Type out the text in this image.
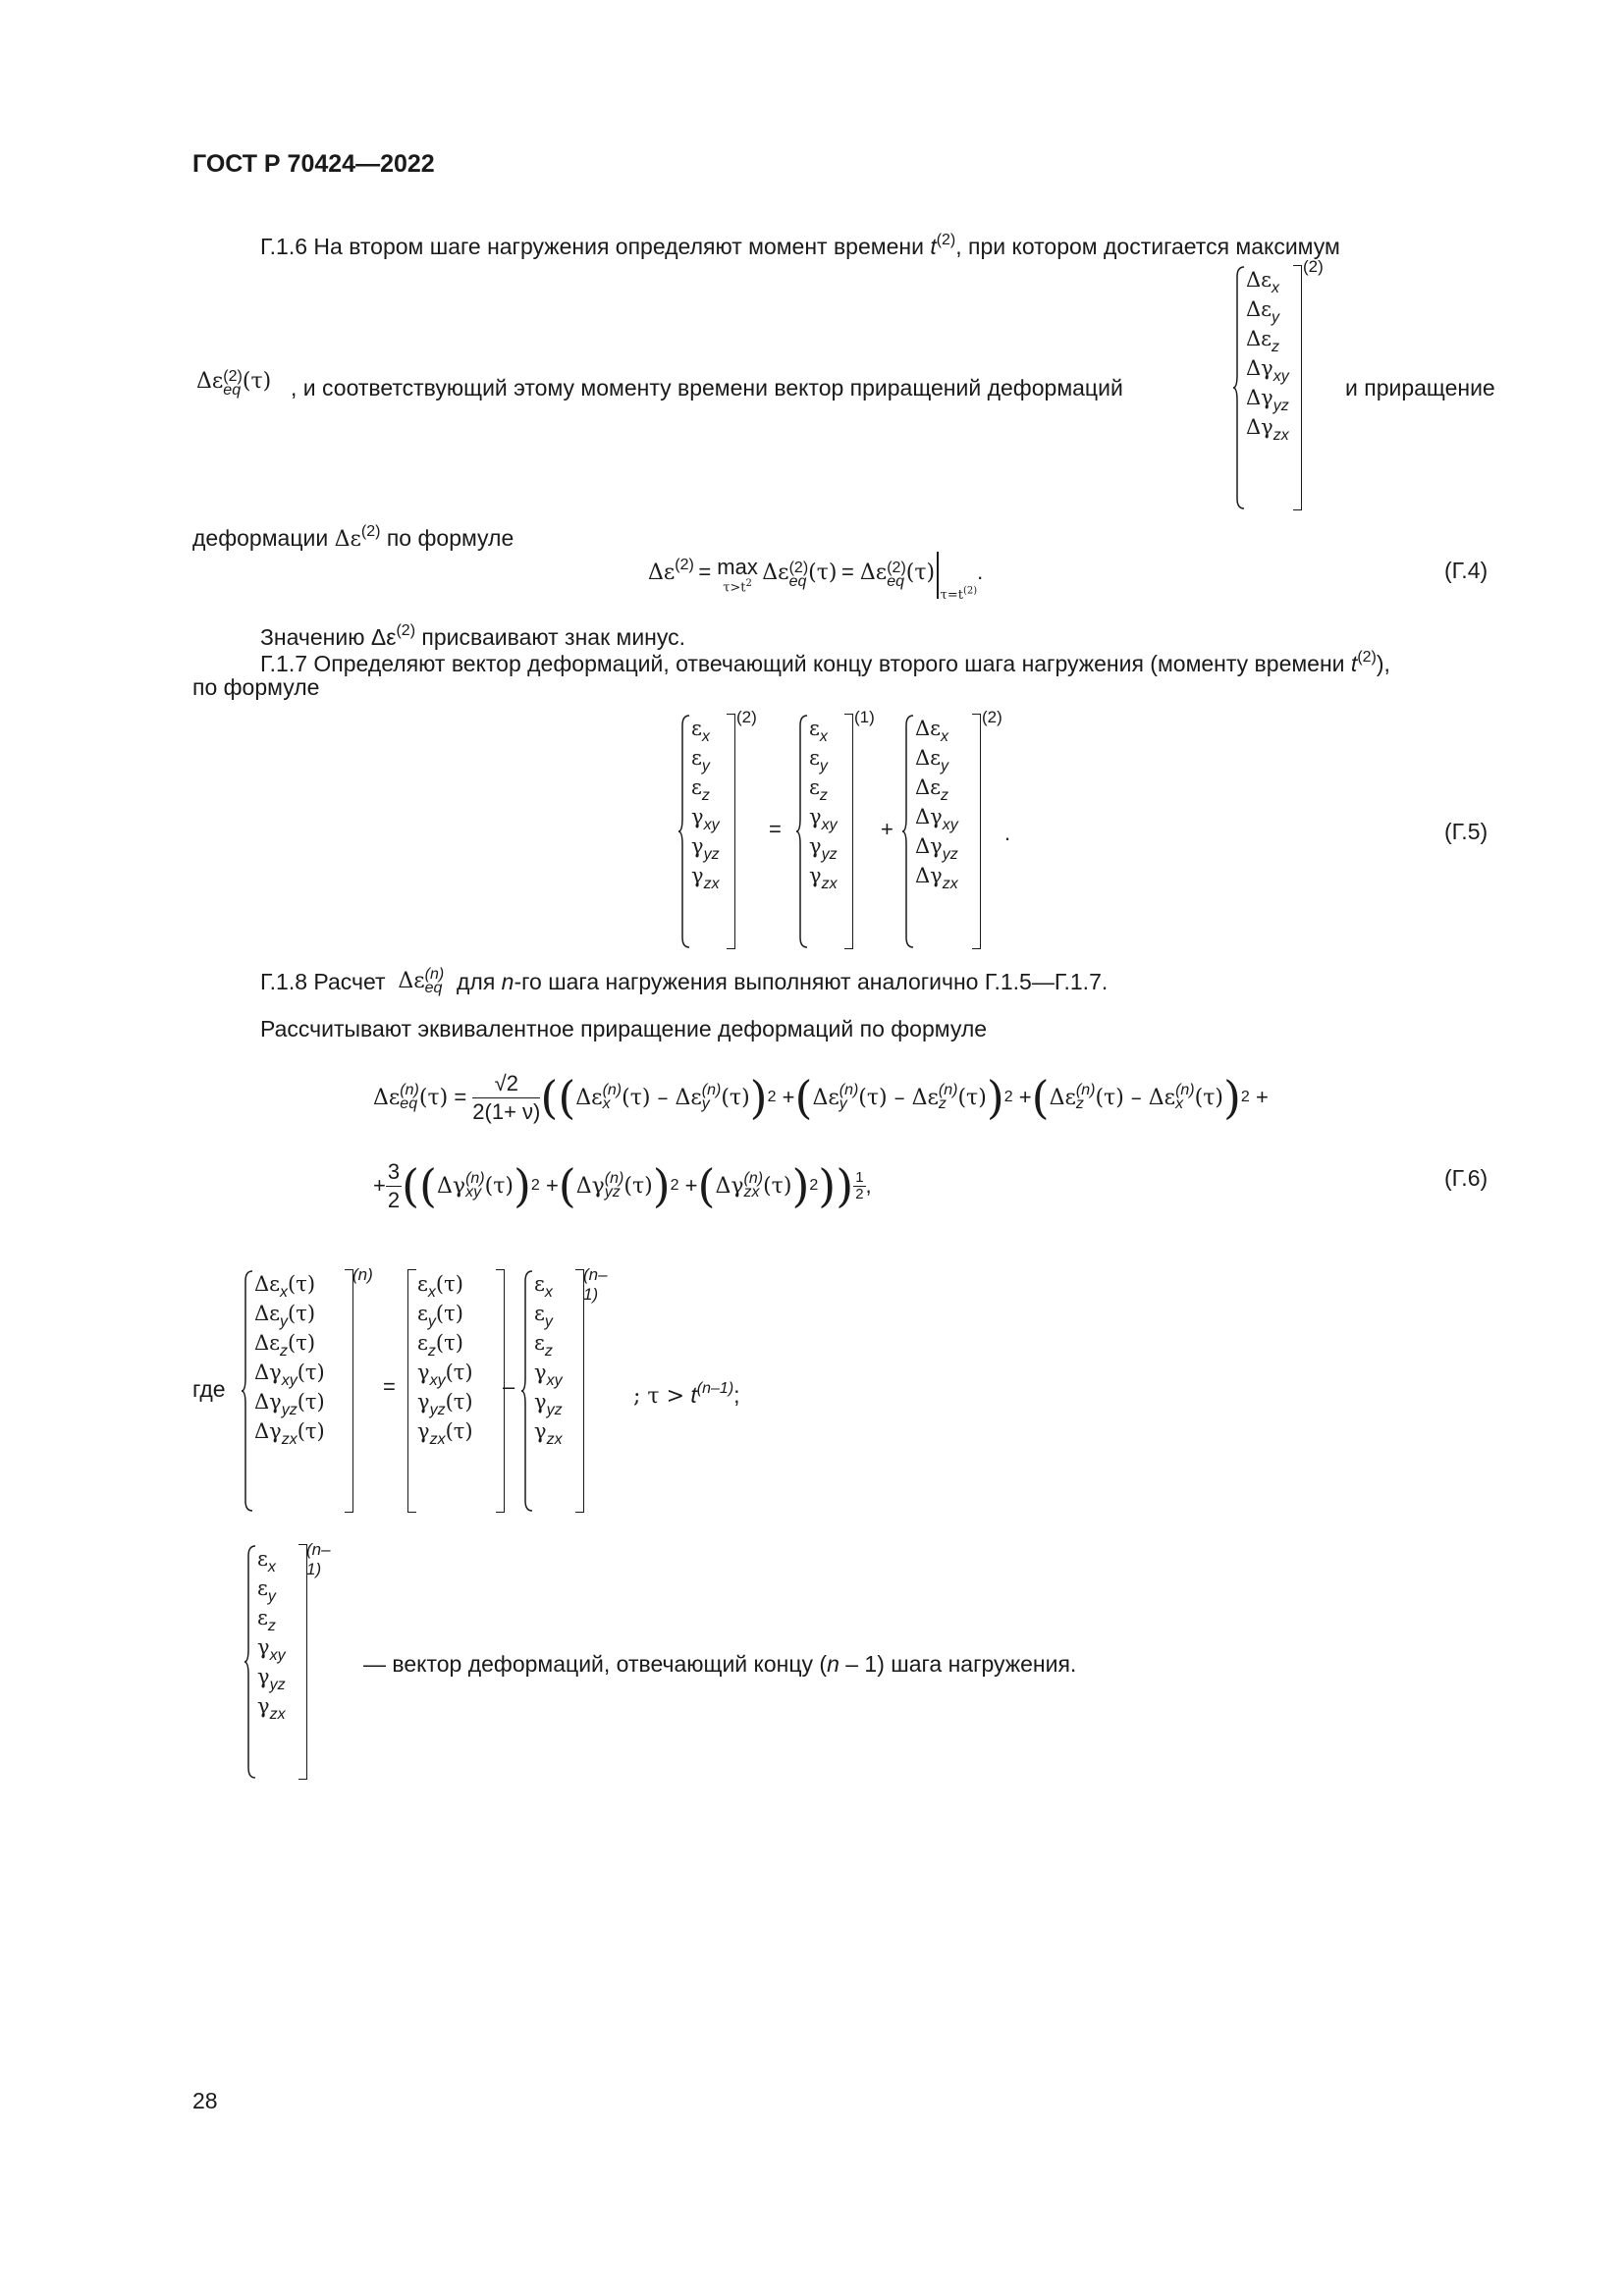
ГОСТ Р 70424—2022
Г.1.6 На втором шаге нагружения определяют момент времени $t^{(2)}$, при котором достигается максимум
Δε (2)
eq (τ) , и соответствующий этому моменту времени вектор приращений деформаций	и приращение
$\Delta\varepsilon_x$
$\Delta\varepsilon_y$
$\Delta\varepsilon_z$
$\Delta\gamma_{xy}$
$\Delta\gamma_{yz}$
$\Delta\gamma_{zx}$
(2)
деформации $\Delta\varepsilon^{(2)}$ по формуле
Δε(2) = max
$\tau>t^2$ Δε (2)
eq (τ) = Δε (2)
eq $(\tau)_{\tau=t^{(2)}}$.	(Г.4)
Значению $\Delta\varepsilon^{(2)}$ присваивают знак минус.
Г.1.7 Определяют вектор деформаций, отвечающий концу второго шага нагружения (моменту времени $t^{(2)}$),
по формуле
$\varepsilon_x$
$\varepsilon_y$
$\varepsilon_z$
$\gamma_{xy}$
$\gamma_{yz}$
$\gamma_{zx}$
(2)
=
$\varepsilon_x$
$\varepsilon_y$
$\varepsilon_z$
$\gamma_{xy}$
$\gamma_{yz}$
$\gamma_{zx}$
(1)
+
$\Delta\varepsilon_x$
$\Delta\varepsilon_y$
$\Delta\varepsilon_z$
$\Delta\gamma_{xy}$
$\Delta\gamma_{yz}$
$\Delta\gamma_{zx}$
(2)
.	(Г.5)
Г.1.8 Расчет
Δε (n)
eq
для
n -го шага нагружения выполняют аналогично Г.1.5—Г.1.7.
Рассчитывают эквивалентное приращение деформаций по формуле
Δε (n)
eq $(\tau) = \frac{√2}{2(1+ \nu)}$ (( Δε (n)
x (τ) – Δε (n)
y (τ) ) 2 + ( Δε (n)
y (τ) – Δε (n)
z (τ) ) 2 + ( Δε (n)
z (τ) – Δε (n)
x (τ) ) 2 +
+ $\frac{3}{2}$ (( Δγ (n)
xy (τ) ) 2 + ( Δγ (n)
yz (τ) ) 2 + ( Δγ (n)
zx (τ) ) 2 )) $\frac{1}{2}$ ,	(Г.6)
где
$\Delta\varepsilon_x(\tau)$
$\Delta\varepsilon_y(\tau)$
$\Delta\varepsilon_z(\tau)$
$\Delta\gamma_{xy}(\tau)$
$\Delta\gamma_{yz}(\tau)$
$\Delta\gamma_{zx}(\tau)$
(n)
=
$\varepsilon_x(\tau)$
$\varepsilon_y(\tau)$
$\varepsilon_z(\tau)$
$\gamma_{xy}(\tau)$
$\gamma_{yz}(\tau)$
$\gamma_{zx}(\tau)$
–
$\varepsilon_x$
$\varepsilon_y$
$\varepsilon_z$
$\gamma_{xy}$
$\gamma_{yz}$
$\gamma_{zx}$
(n–1)
; $\tau > t^{(n-1)}$;
$\varepsilon_x$
$\varepsilon_y$
$\varepsilon_z$
$\gamma_{xy}$
$\gamma_{yz}$
$\gamma_{zx}$
(n–1)
— вектор деформаций, отвечающий концу (n – 1) шага нагружения.
28
